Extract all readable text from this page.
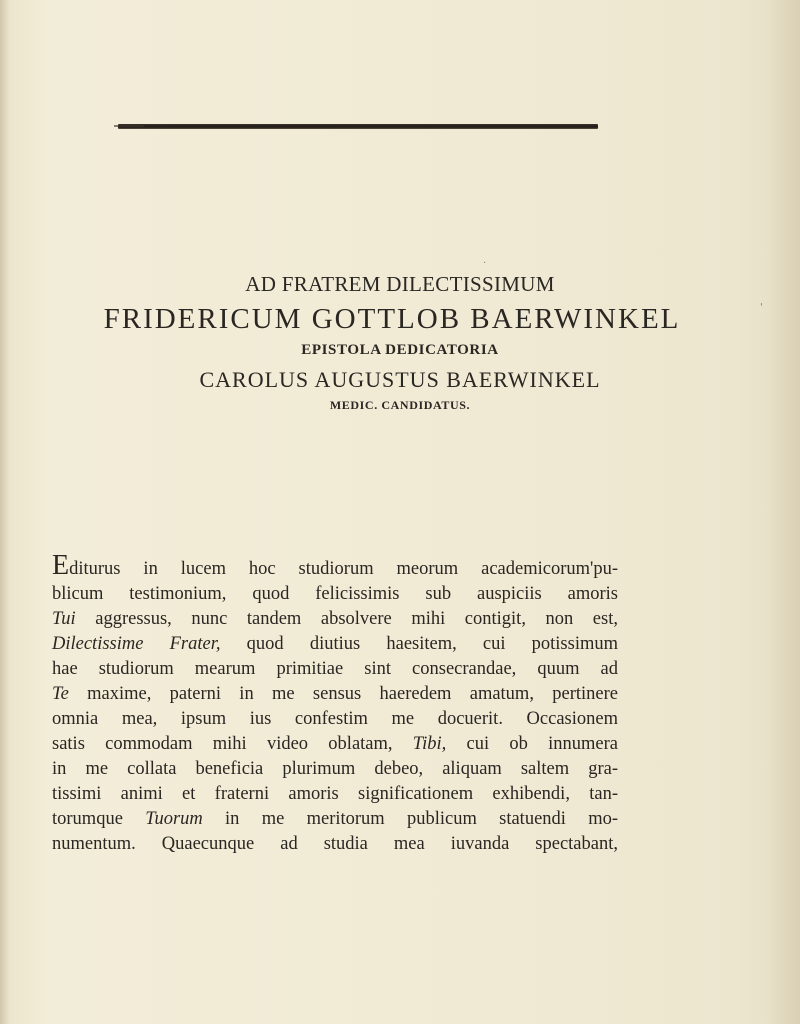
·
'
AD FRATREM DILECTISSIMUM
FRIDERICUM GOTTLOB BAERWINKEL
EPISTOLA DEDICATORIA
CAROLUS AUGUSTUS BAERWINKEL
MEDIC. CANDIDATUS.
Editurus in lucem hoc studiorum meorum academicorum'pu-
blicum testimonium, quod felicissimis sub auspiciis amoris
Tui aggressus, nunc tandem absolvere mihi contigit, non est,
Dilectissime Frater, quod diutius haesitem, cui potissimum
hae studiorum mearum primitiae sint consecrandae, quum ad
Te maxime, paterni in me sensus haeredem amatum, pertinere
omnia mea, ipsum ius confestim me docuerit. Occasionem
satis commodam mihi video oblatam, Tibi, cui ob innumera
in me collata beneficia plurimum debeo, aliquam saltem gra-
tissimi animi et fraterni amoris significationem exhibendi, tan-
torumque Tuorum in me meritorum publicum statuendi mo-
numentum. Quaecunque ad studia mea iuvanda spectabant,
